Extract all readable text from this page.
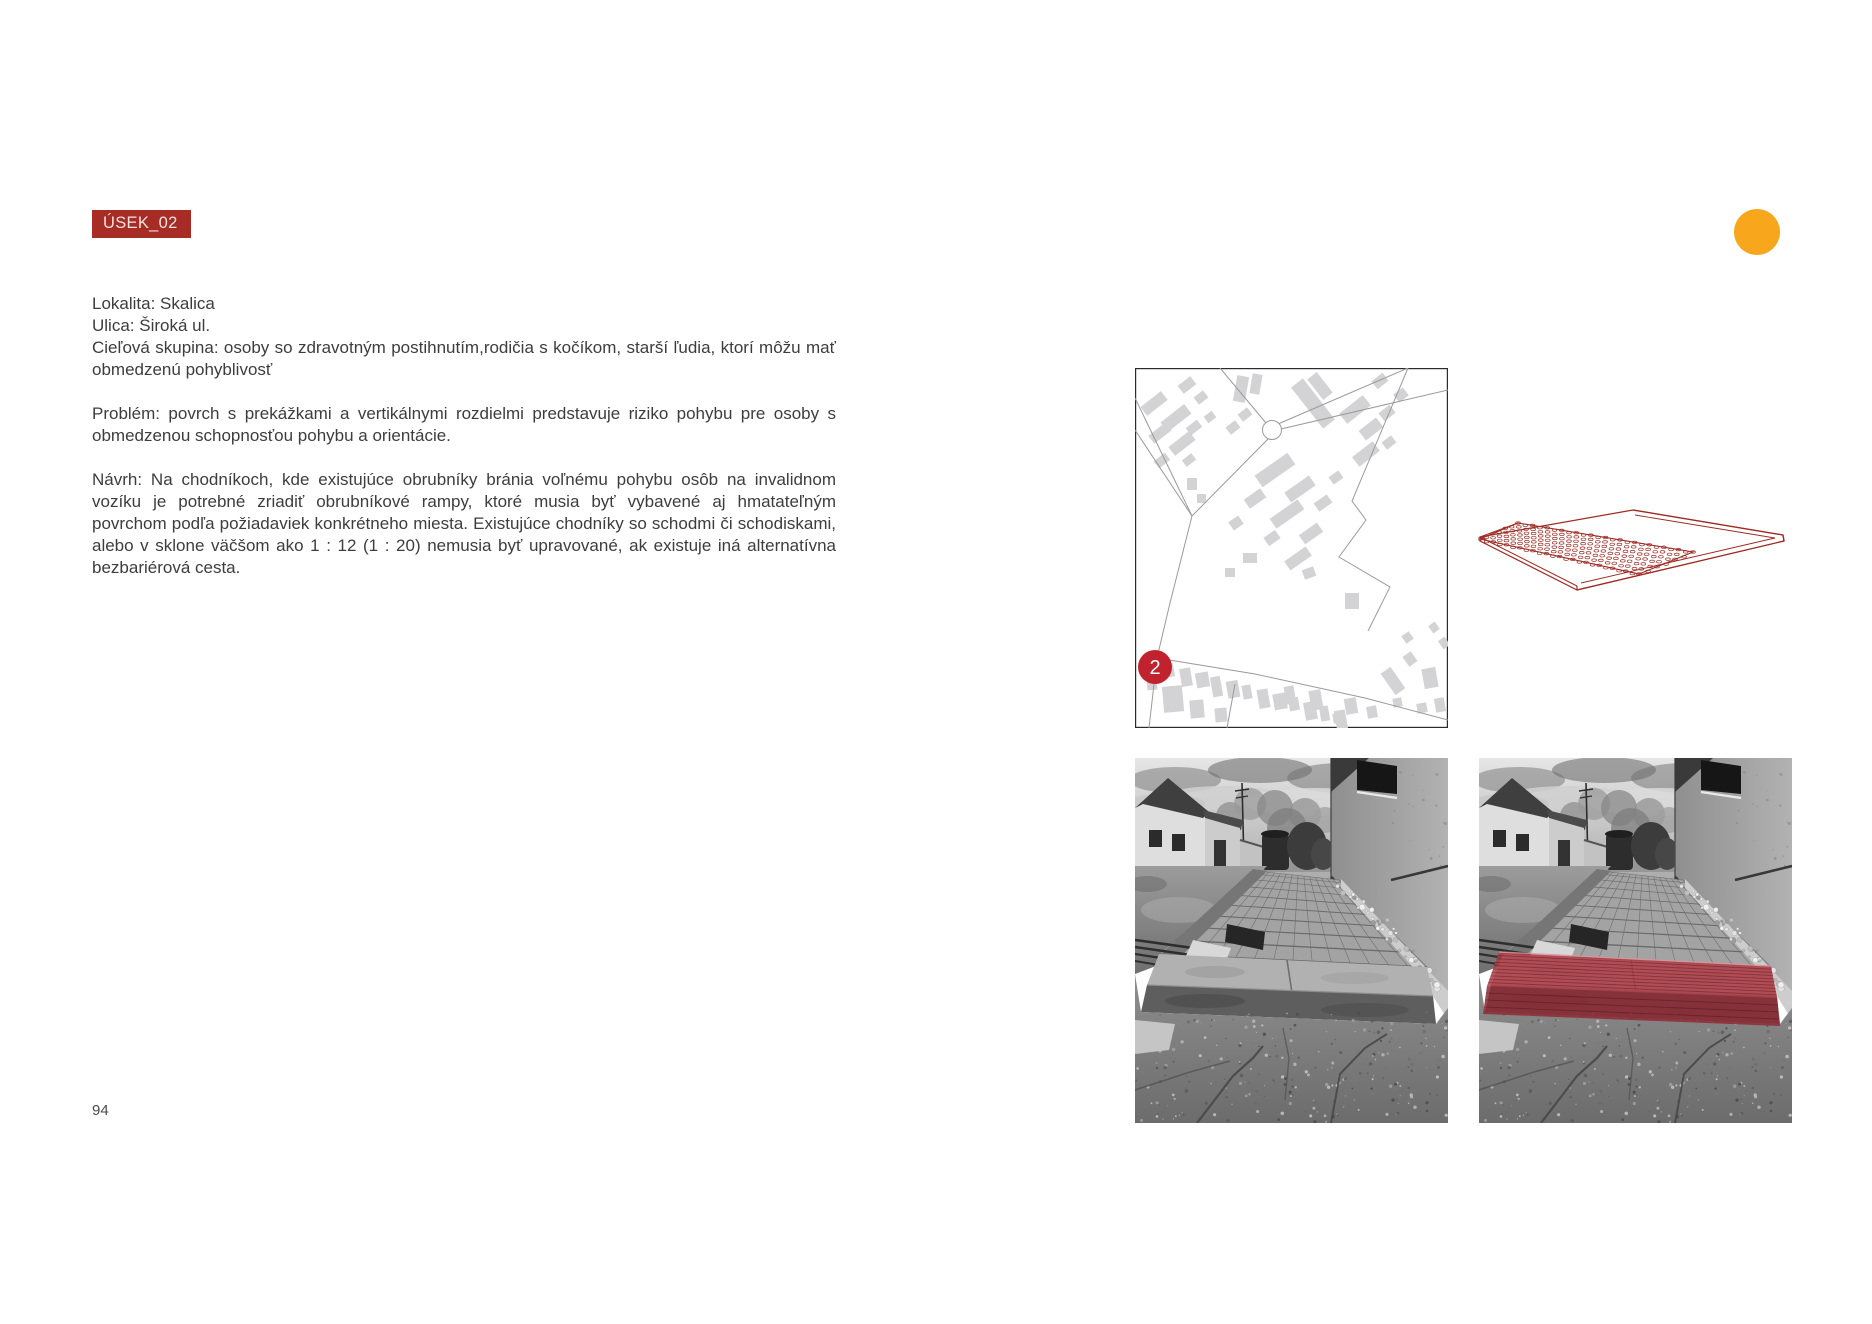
ÚSEK_02

Lokalita: Skalica

Ulica: Široká ul.

Cieľová skupina: osoby so zdravotným postihnutím,rodičia s kočíkom, starší ľudia, ktorí môžu mať obmedzenú pohyblivosť

Problém: povrch s prekážkami a vertikálnymi rozdielmi predstavuje riziko pohybu pre osoby s obmedzenou schopnosťou pohybu a orientácie.

Návrh: Na chodníkoch, kde existujúce obrubníky bránia voľnému pohybu osôb na invalidnom vozíku je potrebné zriadiť obrubníkové rampy, ktoré musia byť vybavené aj hmatateľným povrchom podľa požiadaviek konkrétneho miesta. Existujúce chodníky so schodmi či schodiskami, alebo v sklone väčšom ako 1 : 12 (1 : 20) nemusia byť upravované, ak existuje iná alternatívna bezbariérová cesta.

94
2
